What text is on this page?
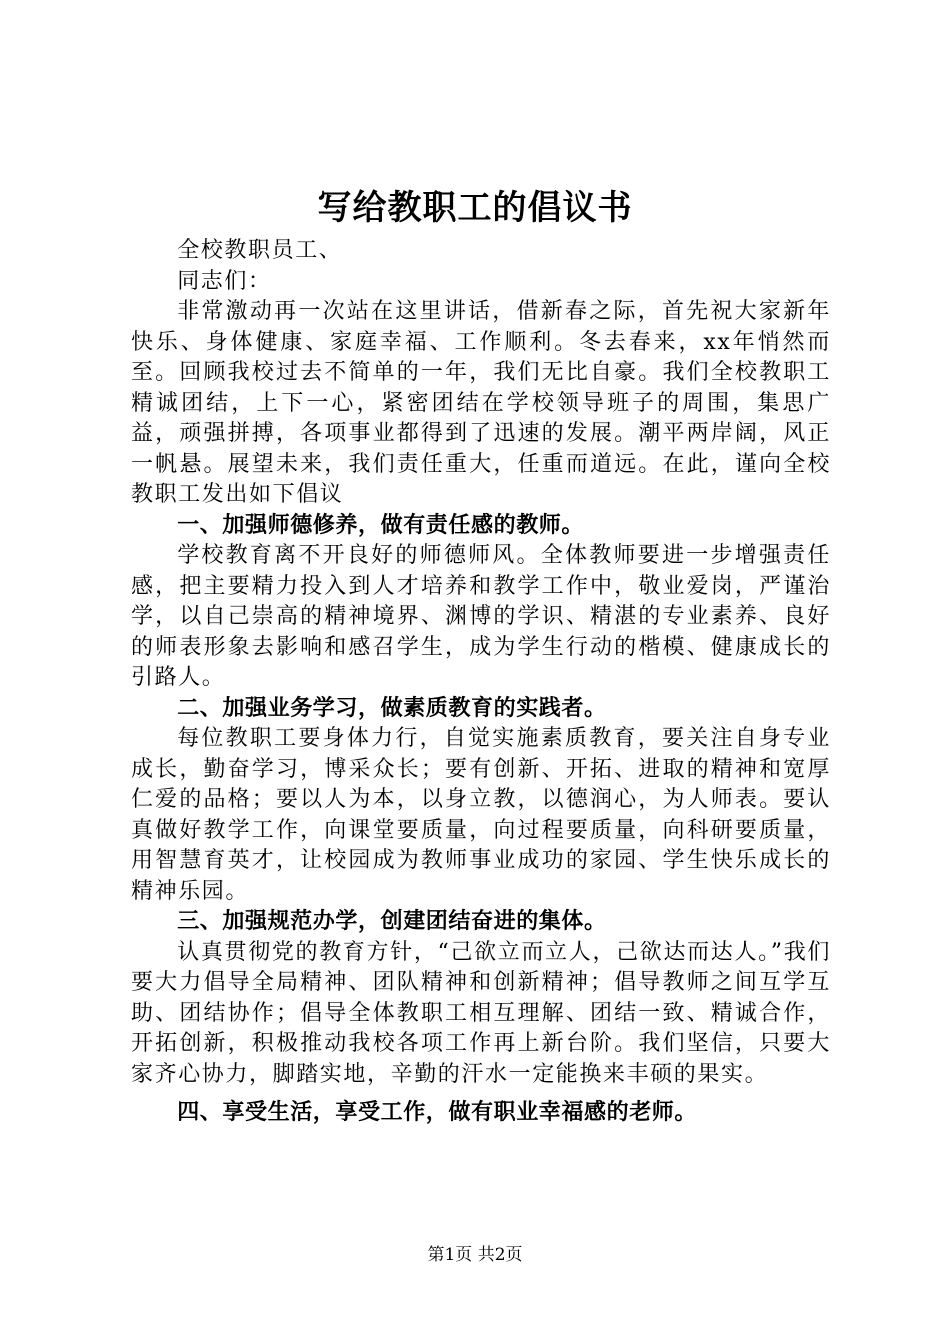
写给教职工的倡议书

全校教职员工、

同志们：

非常激动再一次站在这里讲话，借新春之际，首先祝大家新年快乐、身体健康、家庭幸福、工作顺利。冬去春来，xx年悄然而至。回顾我校过去不简单的一年，我们无比自豪。我们全校教职工精诚团结，上下一心，紧密团结在学校领导班子的周围，集思广益，顽强拼搏，各项事业都得到了迅速的发展。潮平两岸阔，风正一帆悬。展望未来，我们责任重大，任重而道远。在此，谨向全校教职工发出如下倡议

一、加强师德修养，做有责任感的教师。

学校教育离不开良好的师德师风。全体教师要进一步增强责任感，把主要精力投入到人才培养和教学工作中，敬业爱岗，严谨治学，以自己崇高的精神境界、渊博的学识、精湛的专业素养、良好的师表形象去影响和感召学生，成为学生行动的楷模、健康成长的引路人。

二、加强业务学习，做素质教育的实践者。

每位教职工要身体力行，自觉实施素质教育，要关注自身专业成长，勤奋学习，博采众长；要有创新、开拓、进取的精神和宽厚仁爱的品格；要以人为本，以身立教，以德润心，为人师表。要认真做好教学工作，向课堂要质量，向过程要质量，向科研要质量，用智慧育英才，让校园成为教师事业成功的家园、学生快乐成长的精神乐园。

三、加强规范办学，创建团结奋进的集体。

认真贯彻党的教育方针，“己欲立而立人，己欲达而达人。”我们要大力倡导全局精神、团队精神和创新精神；倡导教师之间互学互助、团结协作；倡导全体教职工相互理解、团结一致、精诚合作，开拓创新，积极推动我校各项工作再上新台阶。我们坚信，只要大家齐心协力，脚踏实地，辛勤的汗水一定能换来丰硕的果实。

四、享受生活，享受工作，做有职业幸福感的老师。

第1页 共2页
